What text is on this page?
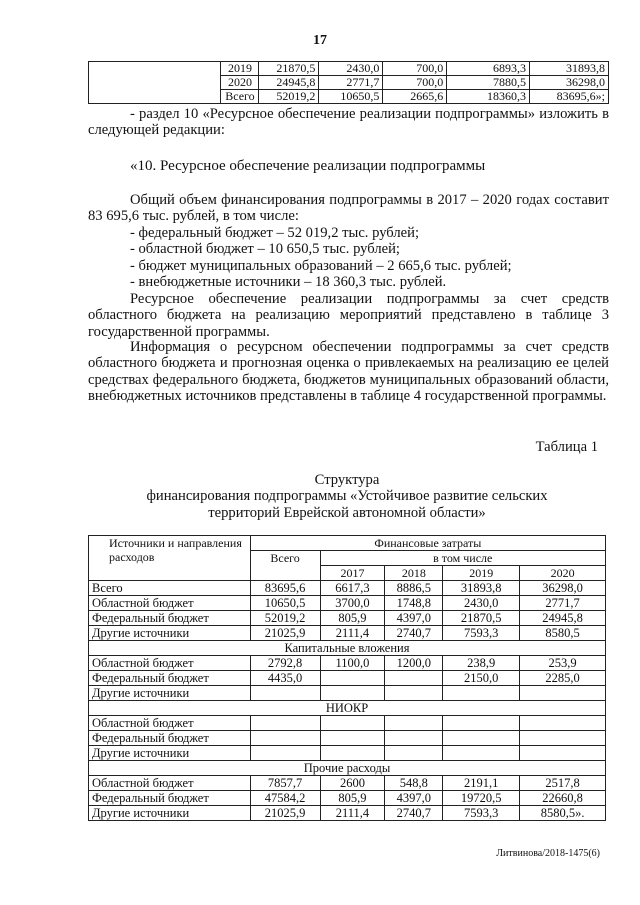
17
	2019	21870,5	2430,0	700,0	6893,3	31893,8
	2020	24945,8	2771,7	700,0	7880,5	36298,0
	Всего	52019,2	10650,5	2665,6	18360,3	83695,6»;
- раздел 10 «Ресурсное обеспечение реализации подпрограммы» изложить в следующей редакции:
«10. Ресурсное обеспечение реализации подпрограммы
Общий объем финансирования подпрограммы в 2017 – 2020 годах составит 83 695,6 тыс. рублей, в том числе:
- федеральный бюджет – 52 019,2 тыс. рублей;
- областной бюджет – 10 650,5 тыс. рублей;
- бюджет муниципальных образований – 2 665,6 тыс. рублей;
- внебюджетные источники – 18 360,3 тыс. рублей.
Ресурсное обеспечение реализации подпрограммы за счет средств областного бюджета на реализацию мероприятий представлено в таблице 3 государственной программы.
Информация о ресурсном обеспечении подпрограммы за счет средств областного бюджета и прогнозная оценка о привлекаемых на реализацию ее целей средствах федерального бюджета, бюджетов муниципальных образований области, внебюджетных источников представлены в таблице 4 государственной программы.
Таблица 1
Структура
финансирования подпрограммы «Устойчивое развитие сельских
территорий Еврейской автономной области»
Источники и направления расходов	Финансовые затраты				
	Всего	в том числе			
		2017	2018	2019	2020
Всего	83695,6	6617,3	8886,5	31893,8	36298,0
Областной бюджет	10650,5	3700,0	1748,8	2430,0	2771,7
Федеральный бюджет	52019,2	805,9	4397,0	21870,5	24945,8
Другие источники	21025,9	2111,4	2740,7	7593,3	8580,5
Капитальные вложения					
Областной бюджет	2792,8	1100,0	1200,0	238,9	253,9
Федеральный бюджет	4435,0			2150,0	2285,0
Другие источники					
НИОКР					
Областной бюджет					
Федеральный бюджет					
Другие источники					
Прочие расходы					
Областной бюджет	7857,7	2600	548,8	2191,1	2517,8
Федеральный бюджет	47584,2	805,9	4397,0	19720,5	22660,8
Другие источники	21025,9	2111,4	2740,7	7593,3	8580,5».
Литвинова/2018-1475(6)
